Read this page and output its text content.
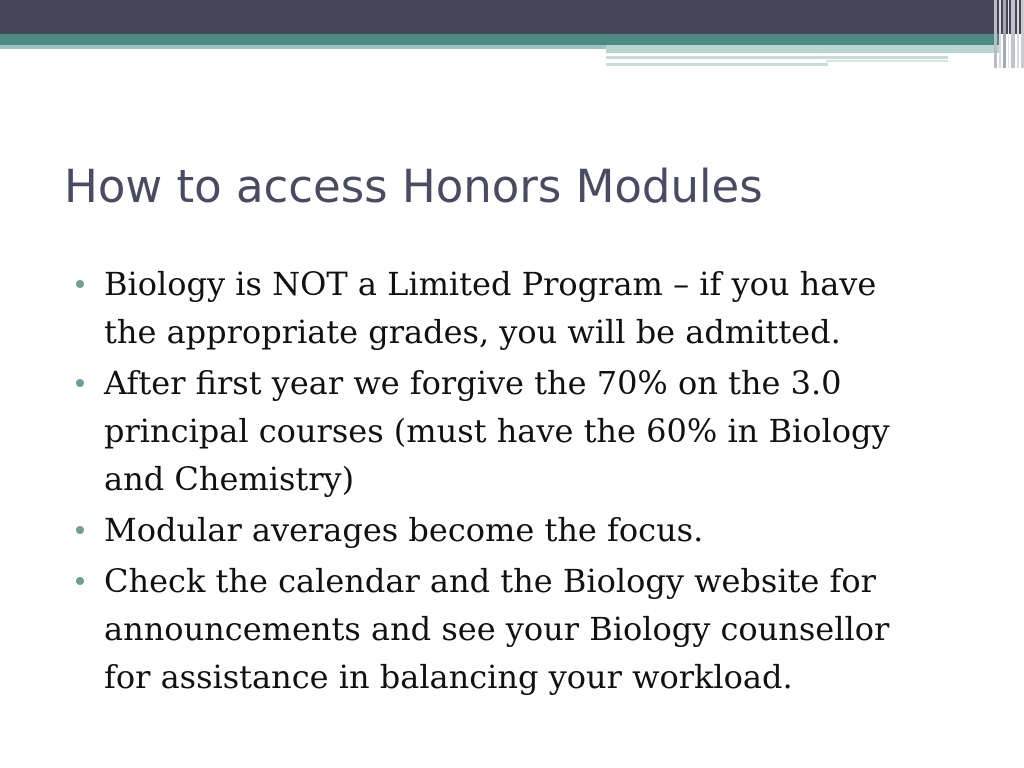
How to access Honors Modules
Biology is NOT a Limited Program – if you have
the appropriate grades, you will be admitted.
After first year we forgive the 70% on the 3.0
principal courses (must have the 60% in Biology
and Chemistry)
Modular averages become the focus.
Check the calendar and the Biology website for
announcements and see your Biology counsellor
for assistance in balancing your workload.
